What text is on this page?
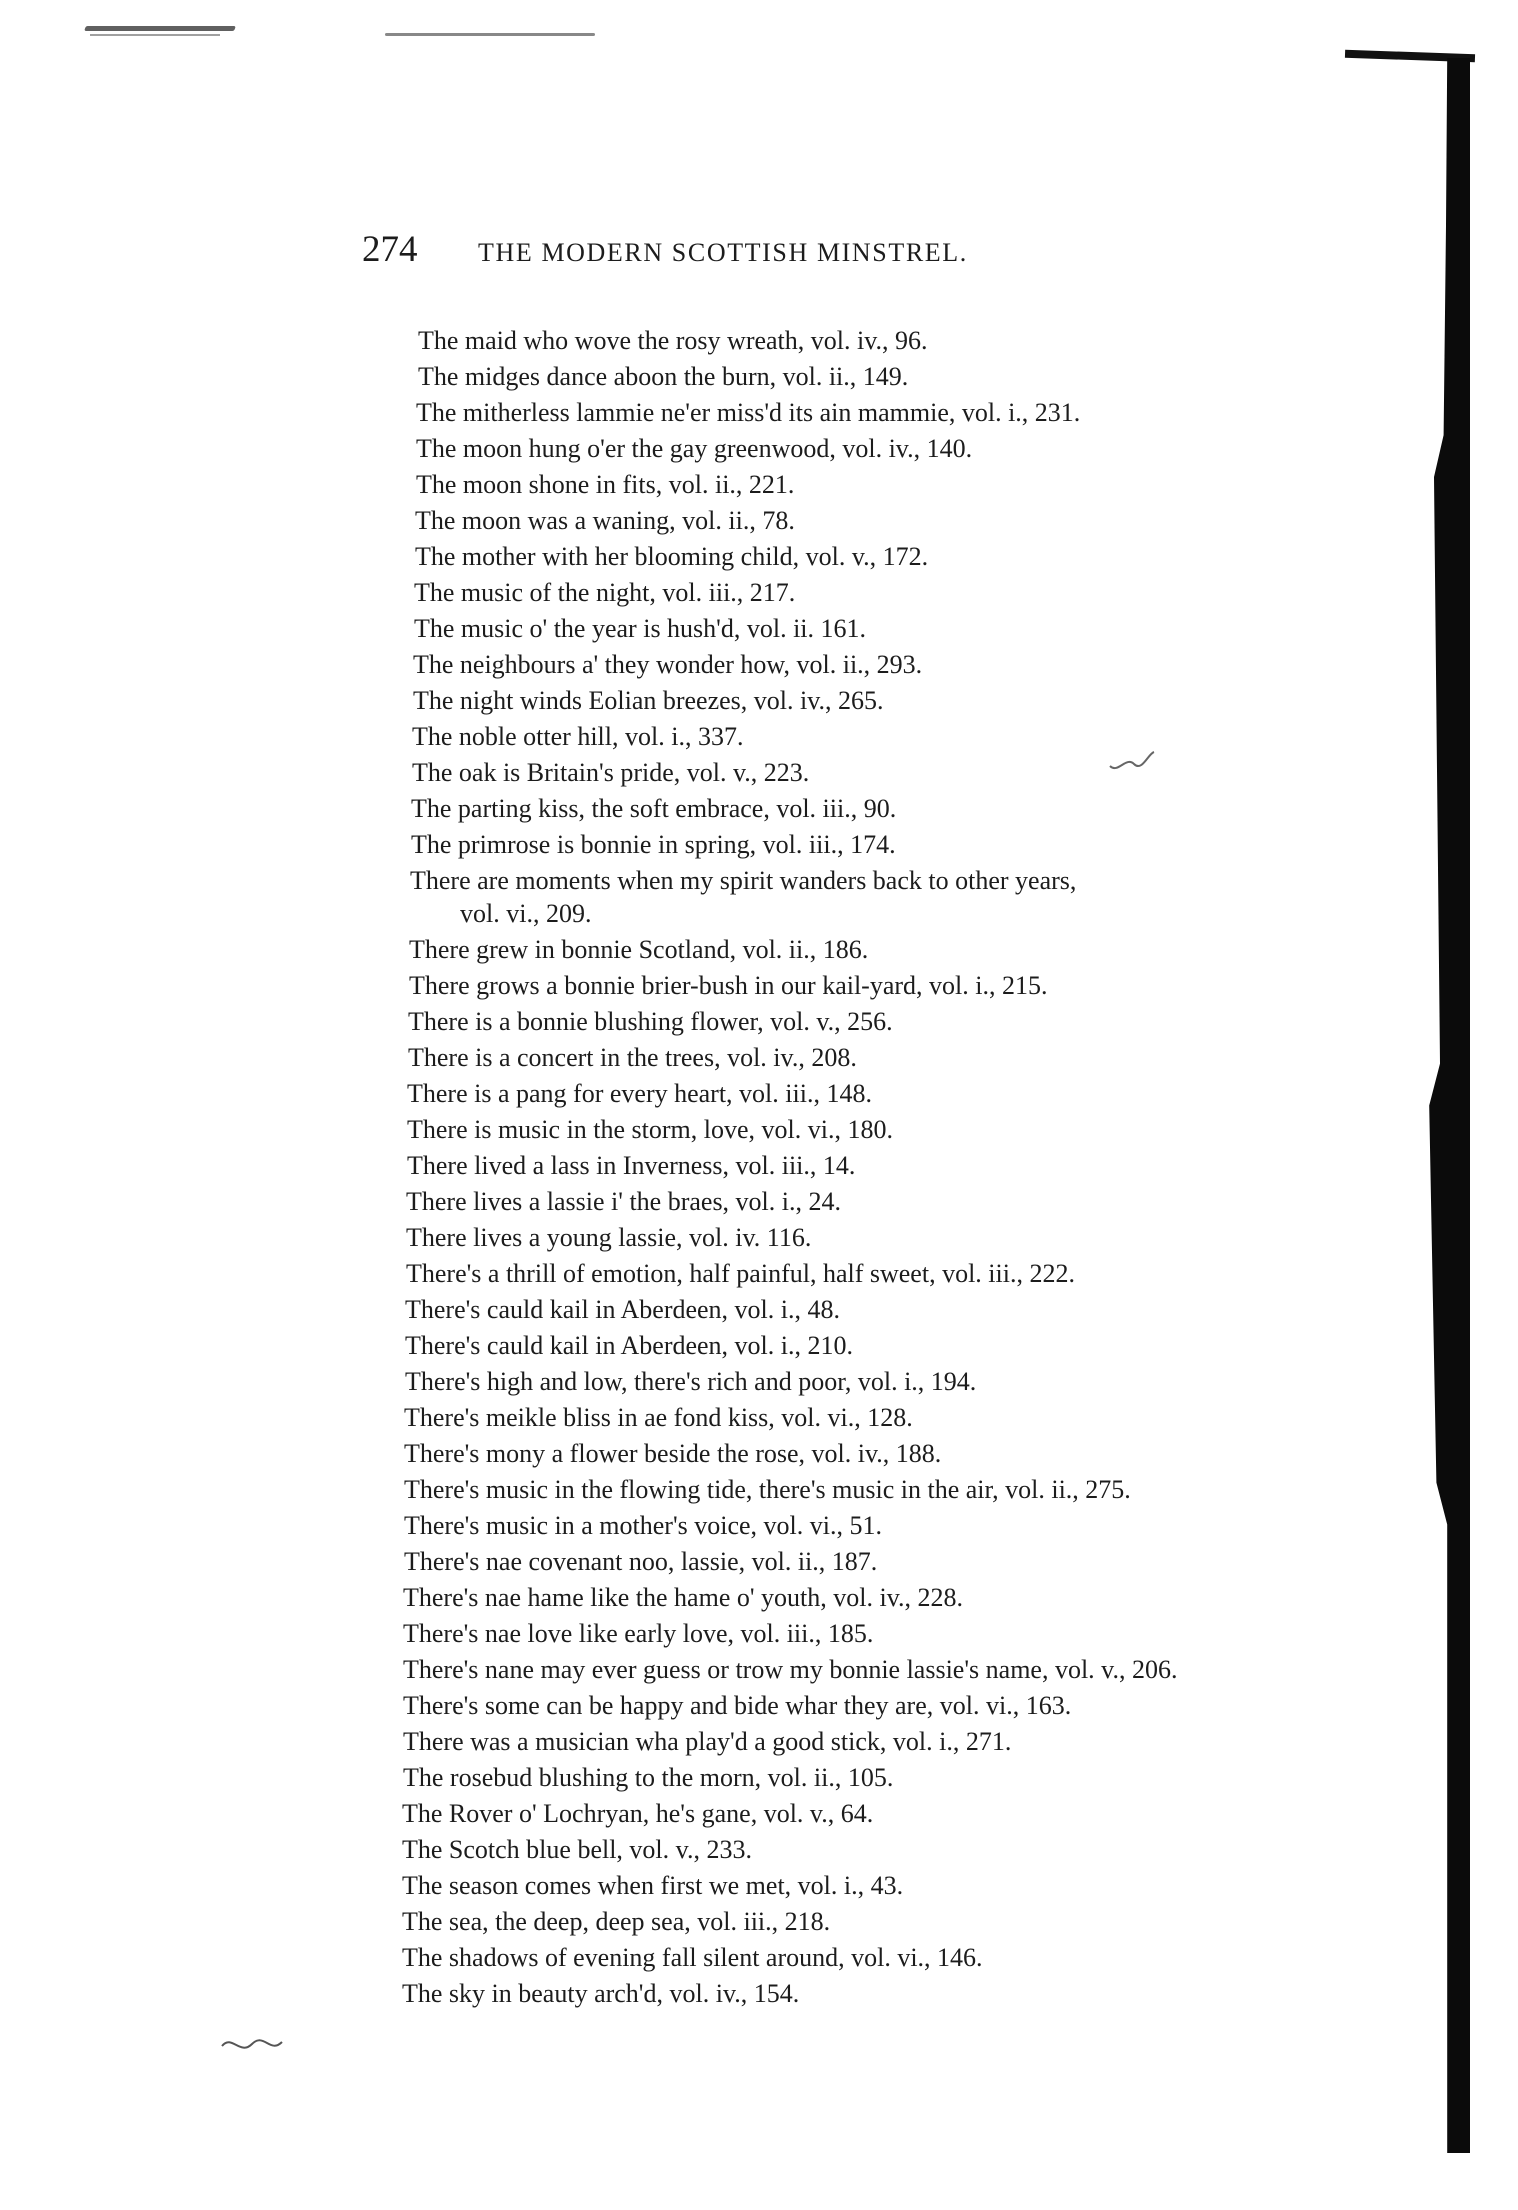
274 THE MODERN SCOTTISH MINSTREL.
The maid who wove the rosy wreath, vol. iv., 96.
The midges dance aboon the burn, vol. ii., 149.
The mitherless lammie ne'er miss'd its ain mammie, vol. i., 231.
The moon hung o'er the gay greenwood, vol. iv., 140.
The moon shone in fits, vol. ii., 221.
The moon was a waning, vol. ii., 78.
The mother with her blooming child, vol. v., 172.
The music of the night, vol. iii., 217.
The music o' the year is hush'd, vol. ii. 161.
The neighbours a' they wonder how, vol. ii., 293.
The night winds Eolian breezes, vol. iv., 265.
The noble otter hill, vol. i., 337.
The oak is Britain's pride, vol. v., 223.
The parting kiss, the soft embrace, vol. iii., 90.
The primrose is bonnie in spring, vol. iii., 174.
There are moments when my spirit wanders back to other years,
vol. vi., 209.
There grew in bonnie Scotland, vol. ii., 186.
There grows a bonnie brier-bush in our kail-yard, vol. i., 215.
There is a bonnie blushing flower, vol. v., 256.
There is a concert in the trees, vol. iv., 208.
There is a pang for every heart, vol. iii., 148.
There is music in the storm, love, vol. vi., 180.
There lived a lass in Inverness, vol. iii., 14.
There lives a lassie i' the braes, vol. i., 24.
There lives a young lassie, vol. iv. 116.
There's a thrill of emotion, half painful, half sweet, vol. iii., 222.
There's cauld kail in Aberdeen, vol. i., 48.
There's cauld kail in Aberdeen, vol. i., 210.
There's high and low, there's rich and poor, vol. i., 194.
There's meikle bliss in ae fond kiss, vol. vi., 128.
There's mony a flower beside the rose, vol. iv., 188.
There's music in the flowing tide, there's music in the air, vol. ii., 275.
There's music in a mother's voice, vol. vi., 51.
There's nae covenant noo, lassie, vol. ii., 187.
There's nae hame like the hame o' youth, vol. iv., 228.
There's nae love like early love, vol. iii., 185.
There's nane may ever guess or trow my bonnie lassie's name, vol. v., 206.
There's some can be happy and bide whar they are, vol. vi., 163.
There was a musician wha play'd a good stick, vol. i., 271.
The rosebud blushing to the morn, vol. ii., 105.
The Rover o' Lochryan, he's gane, vol. v., 64.
The Scotch blue bell, vol. v., 233.
The season comes when first we met, vol. i., 43.
The sea, the deep, deep sea, vol. iii., 218.
The shadows of evening fall silent around, vol. vi., 146.
The sky in beauty arch'd, vol. iv., 154.
